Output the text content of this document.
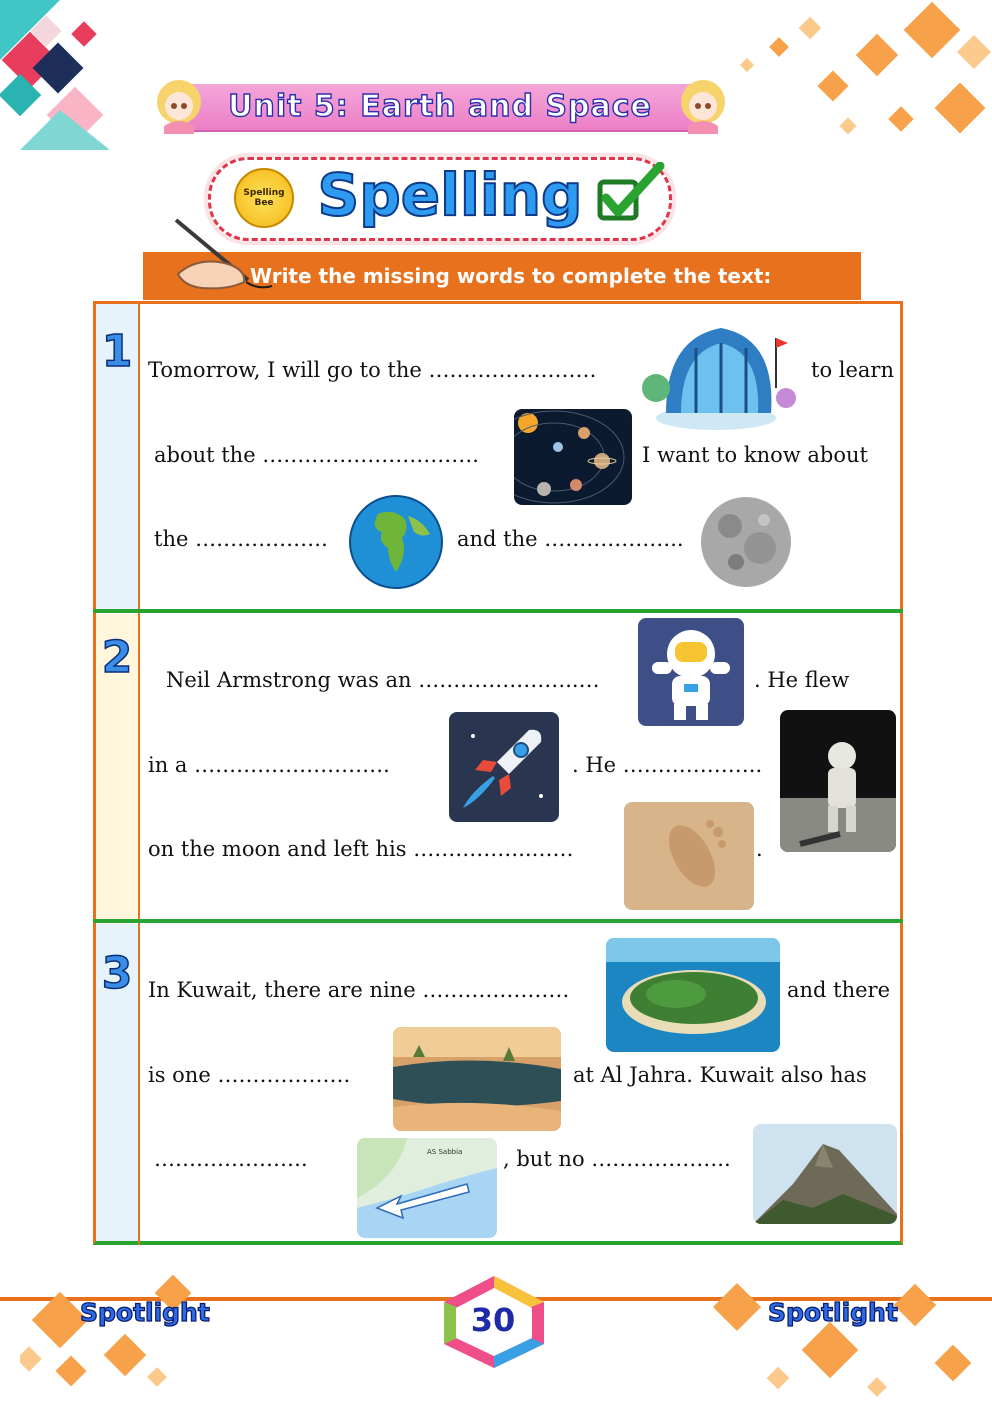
Unit 5: Earth and Space
Spelling
Bee Spelling
Write the missing words to complete the text:
1
2
3
Tomorrow, I will go to the ……………………	to learn
about the ………………………….	I want to know about
the ……………….	and the ………………..
Neil Armstrong was an …………………..…	. He flew
in a ……………………….	. He ………………..
on the moon and left his ……………..……	.
In Kuwait, there are nine …………………	and there
is one ……………….	at Al Jahra. Kuwait also has
………………….	, but no ………………..
AS Sabbia
Spotlight	Spotlight
30
